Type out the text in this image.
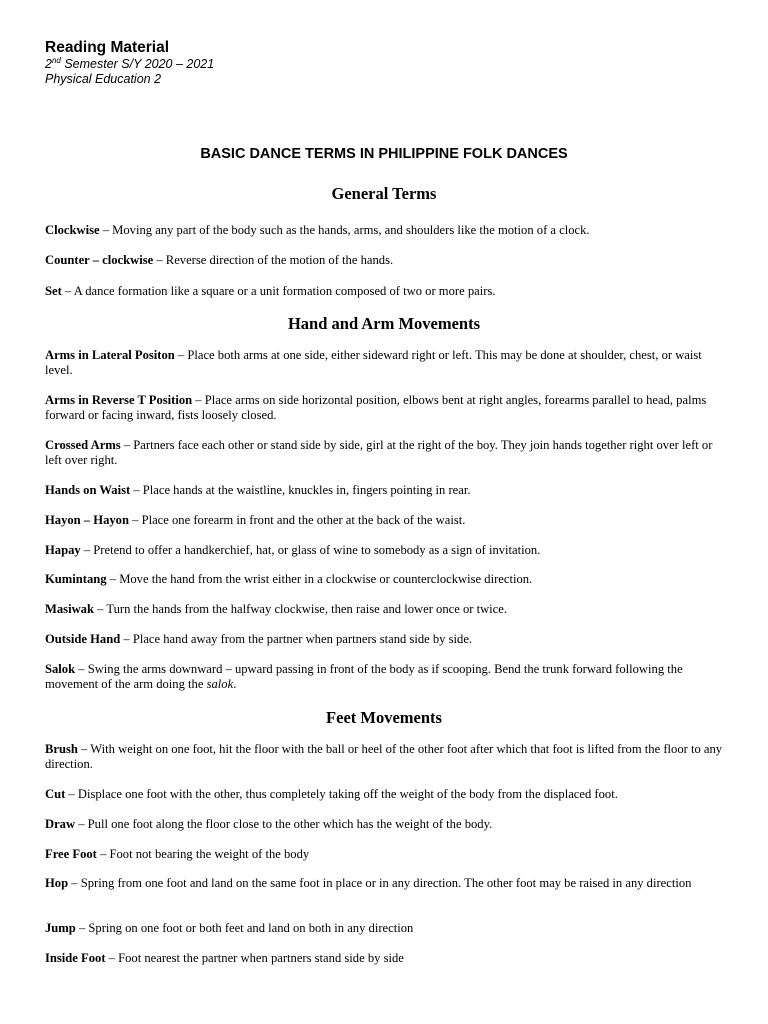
Reading Material
2nd Semester S/Y 2020 – 2021
Physical Education 2
BASIC DANCE TERMS IN PHILIPPINE FOLK DANCES
General Terms
Clockwise – Moving any part of the body such as the hands, arms, and shoulders like the motion of a clock.
Counter – clockwise – Reverse direction of the motion of the hands.
Set – A dance formation like a square or a unit formation composed of two or more pairs.
Hand and Arm Movements
Arms in Lateral Positon – Place both arms at one side, either sideward right or left. This may be done at shoulder, chest, or waist level.
Arms in Reverse T Position – Place arms on side horizontal position, elbows bent at right angles, forearms parallel to head, palms forward or facing inward, fists loosely closed.
Crossed Arms – Partners face each other or stand side by side, girl at the right of the boy. They join hands together right over left or left over right.
Hands on Waist – Place hands at the waistline, knuckles in, fingers pointing in rear.
Hayon – Hayon – Place one forearm in front and the other at the back of the waist.
Hapay – Pretend to offer a handkerchief, hat, or glass of wine to somebody as a sign of invitation.
Kumintang – Move the hand from the wrist either in a clockwise or counterclockwise direction.
Masiwak – Turn the hands from the halfway clockwise, then raise and lower once or twice.
Outside Hand – Place hand away from the partner when partners stand side by side.
Salok – Swing the arms downward – upward passing in front of the body as if scooping. Bend the trunk forward following the movement of the arm doing the salok.
Feet Movements
Brush – With weight on one foot, hit the floor with the ball or heel of the other foot after which that foot is lifted from the floor to any direction.
Cut – Displace one foot with the other, thus completely taking off the weight of the body from the displaced foot.
Draw – Pull one foot along the floor close to the other which has the weight of the body.
Free Foot – Foot not bearing the weight of the body
Hop – Spring from one foot and land on the same foot in place or in any direction. The other foot may be raised in any direction
Jump – Spring on one foot or both feet and land on both in any direction
Inside Foot – Foot nearest the partner when partners stand side by side
